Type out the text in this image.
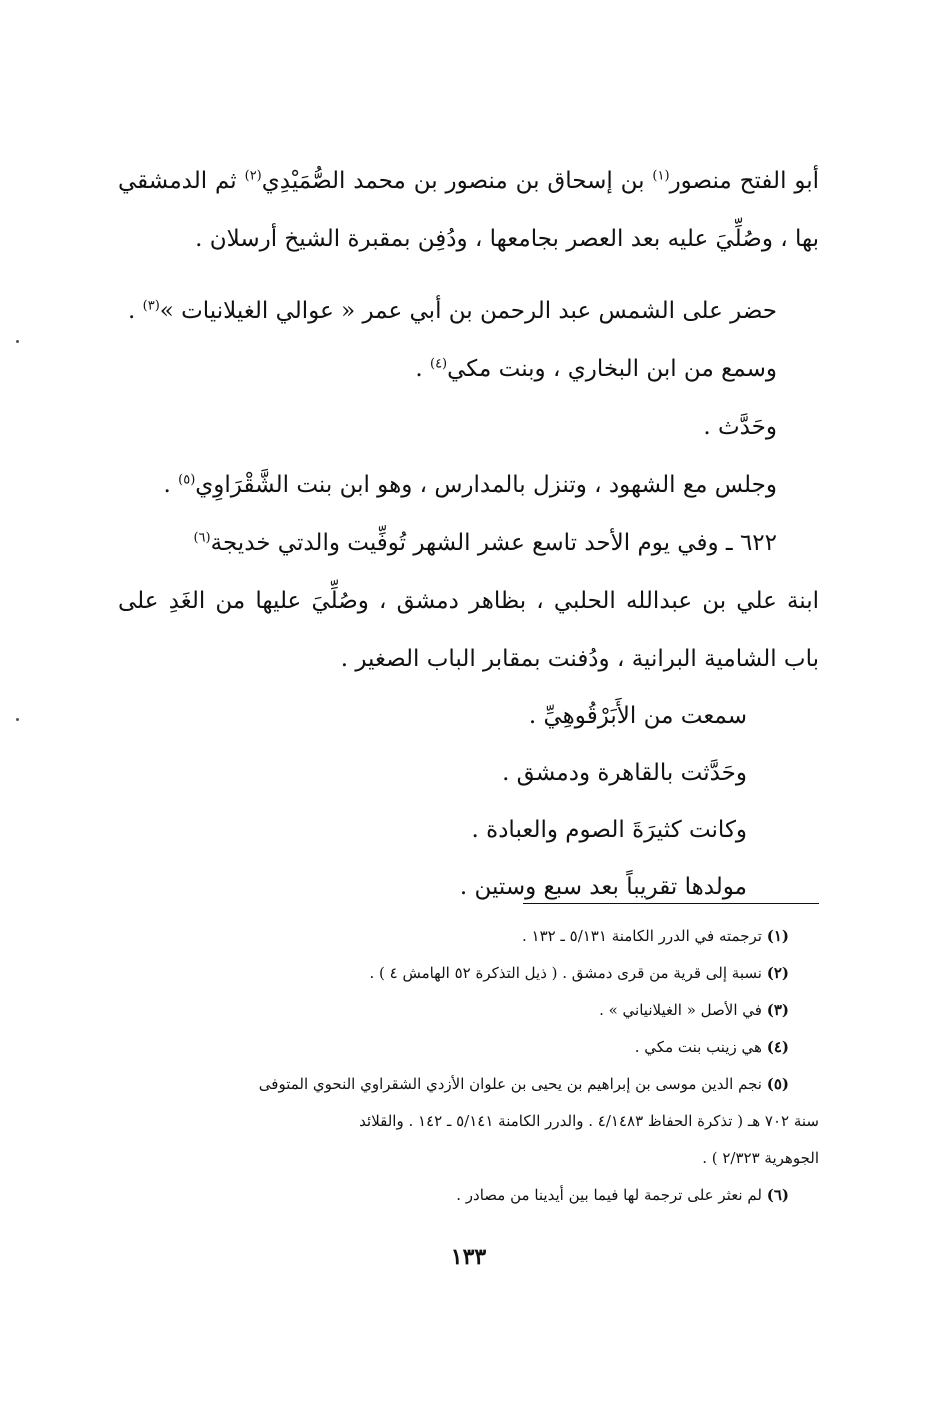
أبو الفتح منصور$^{(١)}$ بن إسحاق بن منصور بن محمد الصُّمَيْدِي$^{(٢)}$ ثم الدمشقي بها ، وصُلِّيَ عليه بعد العصر بجامعها ، ودُفِن بمقبرة الشيخ أرسلان .

حضر على الشمس عبد الرحمن بن أبي عمر « عوالي الغيلانيات »$^{(٣)}$ .

وسمع من ابن البخاري ، وبنت مكي$^{(٤)}$ .

وحَدَّث .

وجلس مع الشهود ، وتنزل بالمدارس ، وهو ابن بنت الشَّقْرَاوِي$^{(٥)}$ .

٦٢٢ ـ وفي يوم الأحد تاسع عشر الشهر تُوفِّيت والدتي خديجة$^{(٦)}$

ابنة علي بن عبدالله الحلبي ، بظاهر دمشق ، وصُلِّيَ عليها من الغَدِ على باب الشامية البرانية ، ودُفنت بمقابر الباب الصغير .

سمعت من الأَبَرْقُوهِيِّ .
وحَدَّثت بالقاهرة ودمشق .
وكانت كثيرَةَ الصوم والعبادة .
مولدها تقريباً بعد سبع وستين .

(١) ترجمته في الدرر الكامنة ٥/١٣١ ـ ١٣٢ .

(٢) نسبة إلى قرية من قرى دمشق . ( ذيل التذكرة ٥٢ الهامش ٤ ) .

(٣) في الأصل « الغيلانياني » .

(٤) هي زينب بنت مكي .

(٥) نجم الدين موسى بن إبراهيم بن يحيى بن علوان الأزدي الشقراوي النحوي المتوفى

سنة ٧٠٢ هـ ( تذكرة الحفاظ ٤/١٤٨٣ . والدرر الكامنة ٥/١٤١ ـ ١٤٢ . والقلائد

الجوهرية ٢/٣٢٣ ) .

(٦) لم نعثر على ترجمة لها فيما بين أيدينا من مصادر .

١٣٣
